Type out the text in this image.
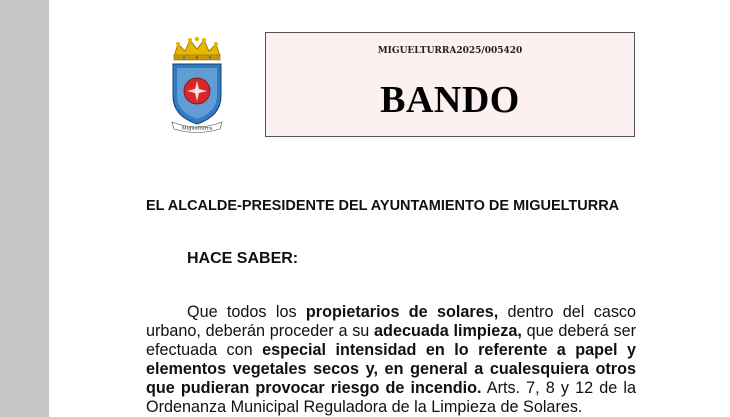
Miguelturra
MIGUELTURRA2025/005420
BANDO
EL ALCALDE-PRESIDENTE DEL AYUNTAMIENTO DE MIGUELTURRA
HACE SABER:

Que todos los propietarios de solares, dentro del casco urbano, deberán proceder a su adecuada limpieza, que deberá ser efectuada con especial intensidad en lo referente a papel y elementos vegetales secos y, en general a cualesquiera otros que pudieran provocar riesgo de incendio. Arts. 7, 8 y 12 de la Ordenanza Municipal Reguladora de la Limpieza de Solares.
